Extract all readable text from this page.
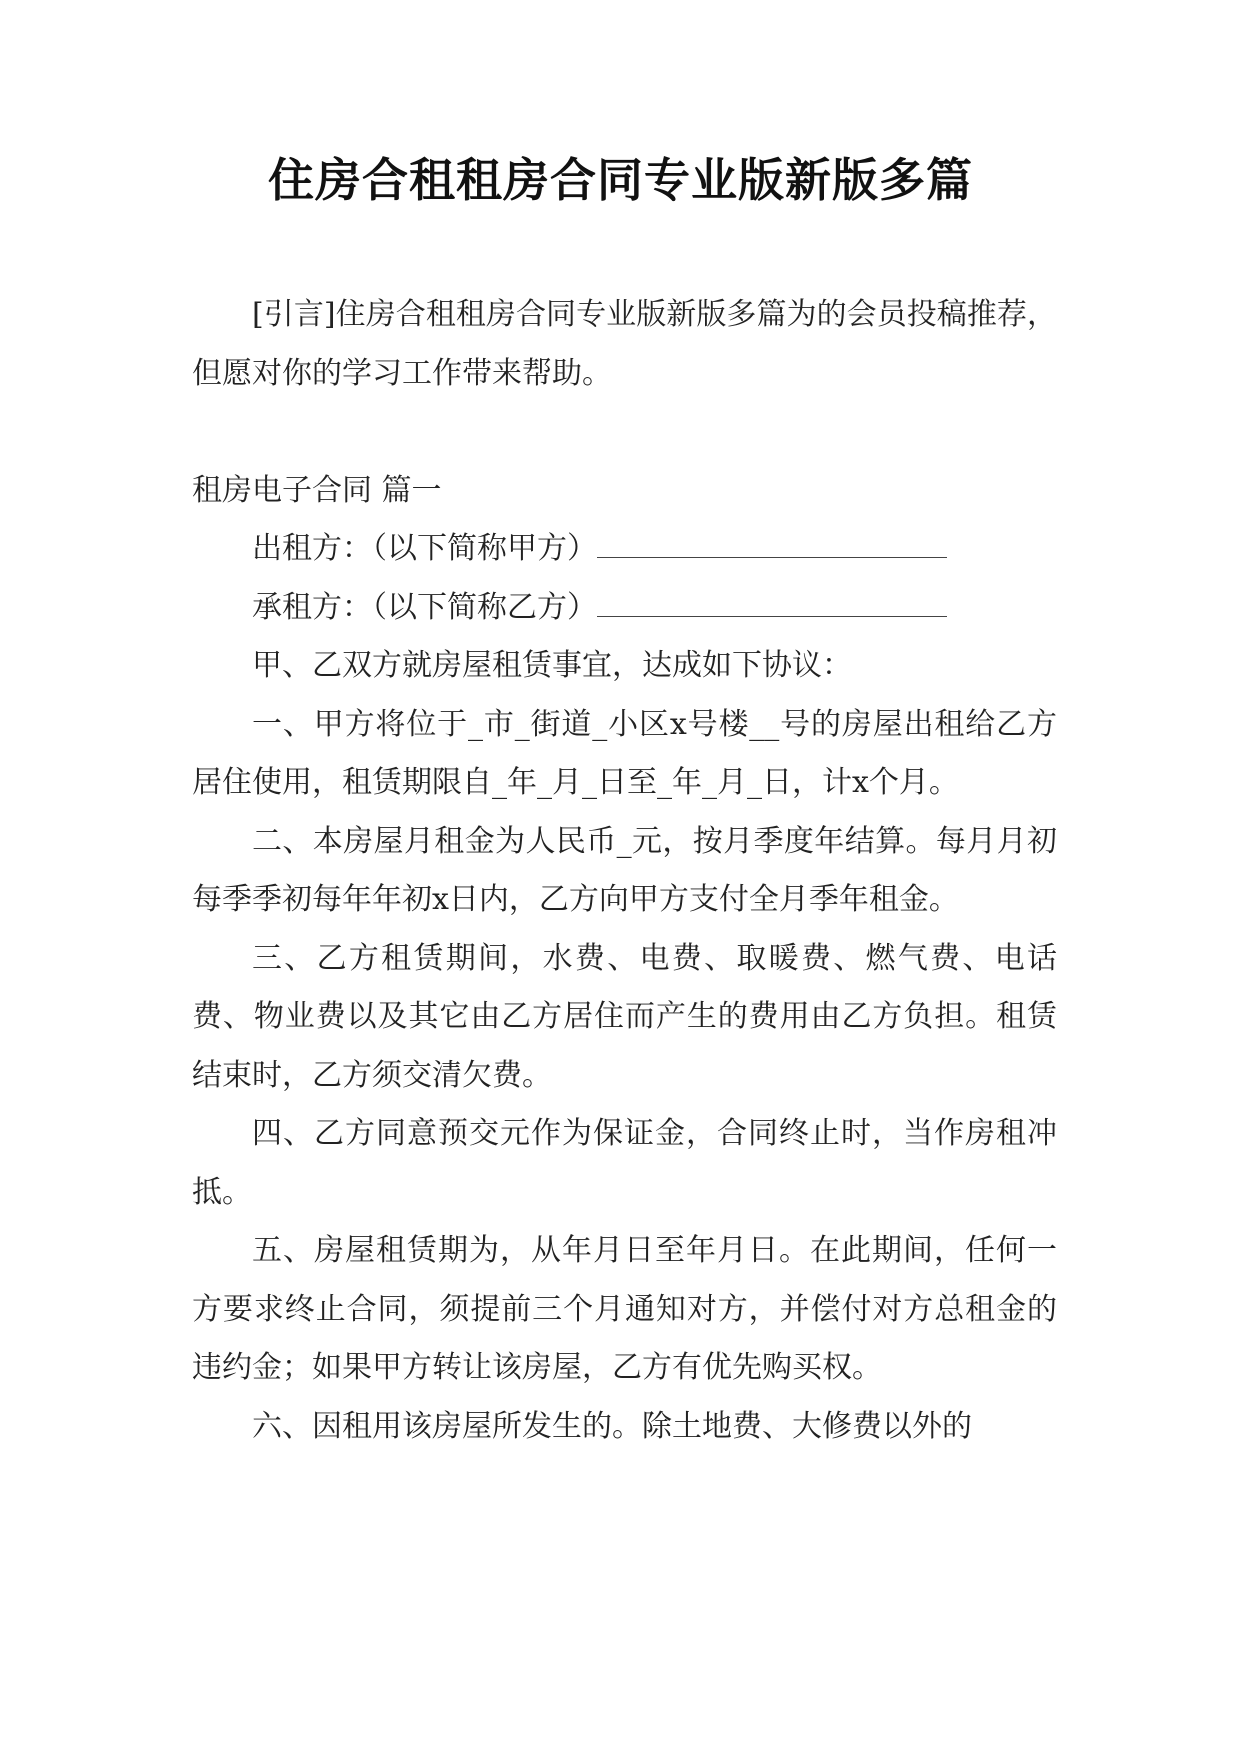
住房合租租房合同专业版新版多篇

[引言]住房合租租房合同专业版新版多篇为的会员投稿推荐，但愿对你的学习工作带来帮助。

租房电子合同 篇一

出租方：（以下简称甲方）

承租方：（以下简称乙方）

甲、乙双方就房屋租赁事宜，达成如下协议：

一、甲方将位于_市_街道_小区x号楼__号的房屋出租给乙方居住使用，租赁期限自_年_月_日至_年_月_日，计x个月。

二、本房屋月租金为人民币_元，按月季度年结算。每月月初每季季初每年年初x日内，乙方向甲方支付全月季年租金。

三、乙方租赁期间，水费、电费、取暖费、燃气费、电话费、物业费以及其它由乙方居住而产生的费用由乙方负担。租赁结束时，乙方须交清欠费。

四、乙方同意预交元作为保证金，合同终止时，当作房租冲抵。

五、房屋租赁期为，从年月日至年月日。在此期间，任何一方要求终止合同，须提前三个月通知对方，并偿付对方总租金的违约金；如果甲方转让该房屋，乙方有优先购买权。

六、因租用该房屋所发生的。除土地费、大修费以外的
